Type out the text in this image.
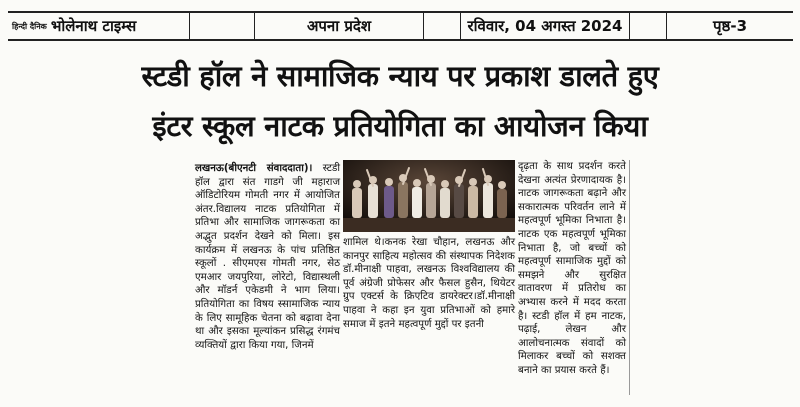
हिन्दी दैनिक भोलेनाथ टाइम्स	अपना प्रदेश	रविवार, 04 अगस्त 2024	पृष्ठ-3
स्टडी हॉल ने सामाजिक न्याय पर प्रकाश डालते हुए
इंटर स्कूल नाटक प्रतियोगिता का आयोजन किया
लखनऊ(बीएनटी संवाददाता)। स्टडी हॉल द्वारा संत गाडगे जी महाराज ऑडिटोरियम गोमती नगर में आयोजित अंतर.विद्यालय नाटक प्रतियोगिता में प्रतिभा और सामाजिक जागरूकता का अद्भुत प्रदर्शन देखने को मिला। इस कार्यक्रम में लखनऊ के पांच प्रतिष्ठित स्कूलों . सीएमएस गोमती नगर, सेठ एमआर जयपुरिया, लोरेटो, विद्यास्थली और मॉडर्न एकेडमी ने भाग लिया। प्रतियोगिता का विषय स्सामाजिक न्याय के लिए सामूहिक चेतना को बढ़ावा देना था और इसका मूल्यांकन प्रसिद्ध रंगमंच व्यक्तियों द्वारा किया गया, जिनमें
शामिल थे।कनक रेखा चौहान, लखनऊ और कानपुर साहित्य महोत्सव की संस्थापक निदेशक डॉ.मीनाक्षी पाहवा, लखनऊ विश्वविद्यालय की पूर्व अंग्रेजी प्रोफेसर और फैसल हुसैन, थियेटर ग्रुप एक्टर्स के क्रिएटिव डायरेक्टर।डॉ.मीनाक्षी पाहवा ने कहा इन युवा प्रतिभाओं को हमारे समाज में इतने महत्वपूर्ण मुद्दों पर इतनी
दृढ़ता के साथ प्रदर्शन करते देखना अत्यंत प्रेरणादायक है। नाटक जागरूकता बढ़ाने और सकारात्मक परिवर्तन लाने में महत्वपूर्ण भूमिका निभाता है।नाटक एक महत्वपूर्ण भूमिका निभाता है, जो बच्चों को महत्वपूर्ण सामाजिक मुद्दों को समझने और सुरक्षित वातावरण में प्रतिरोध का अभ्यास करने में मदद करता है। स्टडी हॉल में हम नाटक, पढ़ाई, लेखन और आलोचनात्मक संवादों को मिलाकर बच्चों को सशक्त बनाने का प्रयास करते हैं।
